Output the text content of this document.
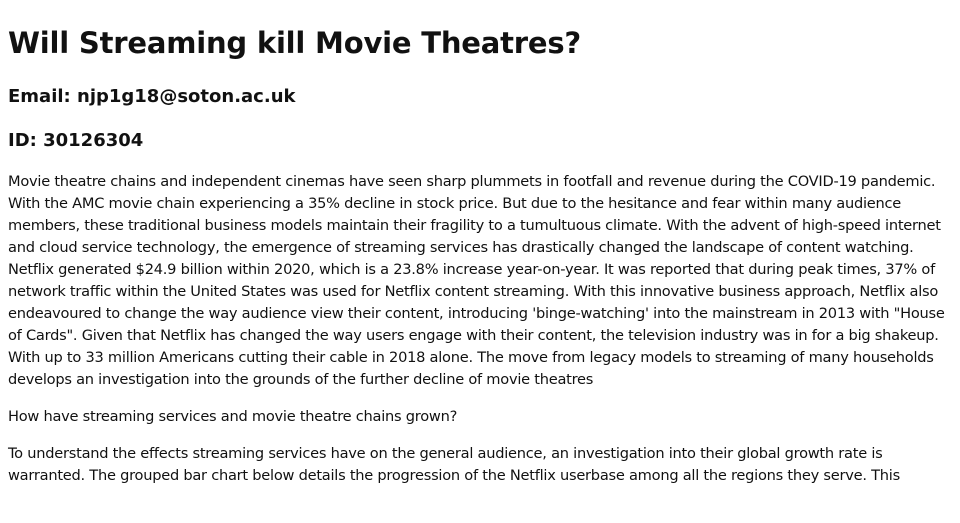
Will Streaming kill Movie Theatres?
Email: njp1g18@soton.ac.uk
ID: 30126304

Movie theatre chains and independent cinemas have seen sharp plummets in footfall and revenue during the COVID-19 pandemic. With the AMC movie chain experiencing a 35% decline in stock price. But due to the hesitance and fear within many audience members, these traditional business models maintain their fragility to a tumultuous climate. With the advent of high-speed internet and cloud service technology, the emergence of streaming services has drastically changed the landscape of content watching. Netflix generated $24.9 billion within 2020, which is a 23.8% increase year-on-year. It was reported that during peak times, 37% of network traffic within the United States was used for Netflix content streaming. With this innovative business approach, Netflix also endeavoured to change the way audience view their content, introducing 'binge-watching' into the mainstream in 2013 with "House of Cards". Given that Netflix has changed the way users engage with their content, the television industry was in for a big shakeup. With up to 33 million Americans cutting their cable in 2018 alone. The move from legacy models to streaming of many households develops an investigation into the grounds of the further decline of movie theatres

How have streaming services and movie theatre chains grown?

To understand the effects streaming services have on the general audience, an investigation into their global growth rate is warranted. The grouped bar chart below details the progression of the Netflix userbase among all the regions they serve. This
